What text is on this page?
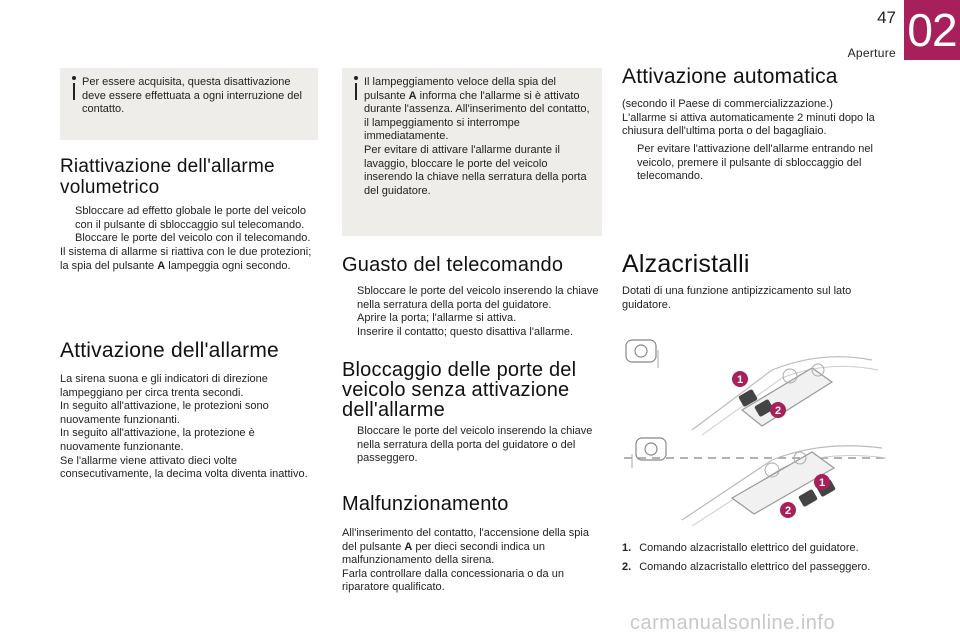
47
Aperture 02
Per essere acquisita, questa disattivazione deve essere effettuata a ogni interruzione del contatto.
Riattivazione dell'allarme
volumetrico
Sbloccare ad effetto globale le porte del veicolo con il pulsante di sbloccaggio sul telecomando.
Bloccare le porte del veicolo con il telecomando.
Il sistema di allarme si riattiva con le due protezioni; la spia del pulsante A lampeggia ogni secondo.
Attivazione dell'allarme
La sirena suona e gli indicatori di direzione lampeggiano per circa trenta secondi.
In seguito all'attivazione, le protezioni sono nuovamente funzionanti.
In seguito all'attivazione, la protezione è nuovamente funzionante.
Se l'allarme viene attivato dieci volte consecutivamente, la decima volta diventa inattivo.
Il lampeggiamento veloce della spia del pulsante A informa che l'allarme si è attivato durante l'assenza. All'inserimento del contatto, il lampeggiamento si interrompe immediatamente.
Per evitare di attivare l'allarme durante il lavaggio, bloccare le porte del veicolo inserendo la chiave nella serratura della porta del guidatore.
Guasto del telecomando
Sbloccare le porte del veicolo inserendo la chiave nella serratura della porta del guidatore.
Aprire la porta; l'allarme si attiva.
Inserire il contatto; questo disattiva l'allarme.
Bloccaggio delle porte del
veicolo senza attivazione
dell'allarme
Bloccare le porte del veicolo inserendo la chiave nella serratura della porta del guidatore o del passeggero.
Malfunzionamento
All'inserimento del contatto, l'accensione della spia del pulsante A per dieci secondi indica un malfunzionamento della sirena.
Farla controllare dalla concessionaria o da un riparatore qualificato.
Attivazione automatica
(secondo il Paese di commercializzazione.)
L'allarme si attiva automaticamente 2 minuti dopo la chiusura dell'ultima porta o del bagagliaio.
Per evitare l'attivazione dell'allarme entrando nel veicolo, premere il pulsante di sbloccaggio del telecomando.
Alzacristalli
Dotati di una funzione antipizzicamento sul lato guidatore.
1
2
1
2
1. Comando alzacristallo elettrico del guidatore.
2. Comando alzacristallo elettrico del passeggero.
carmanualsonline.info
